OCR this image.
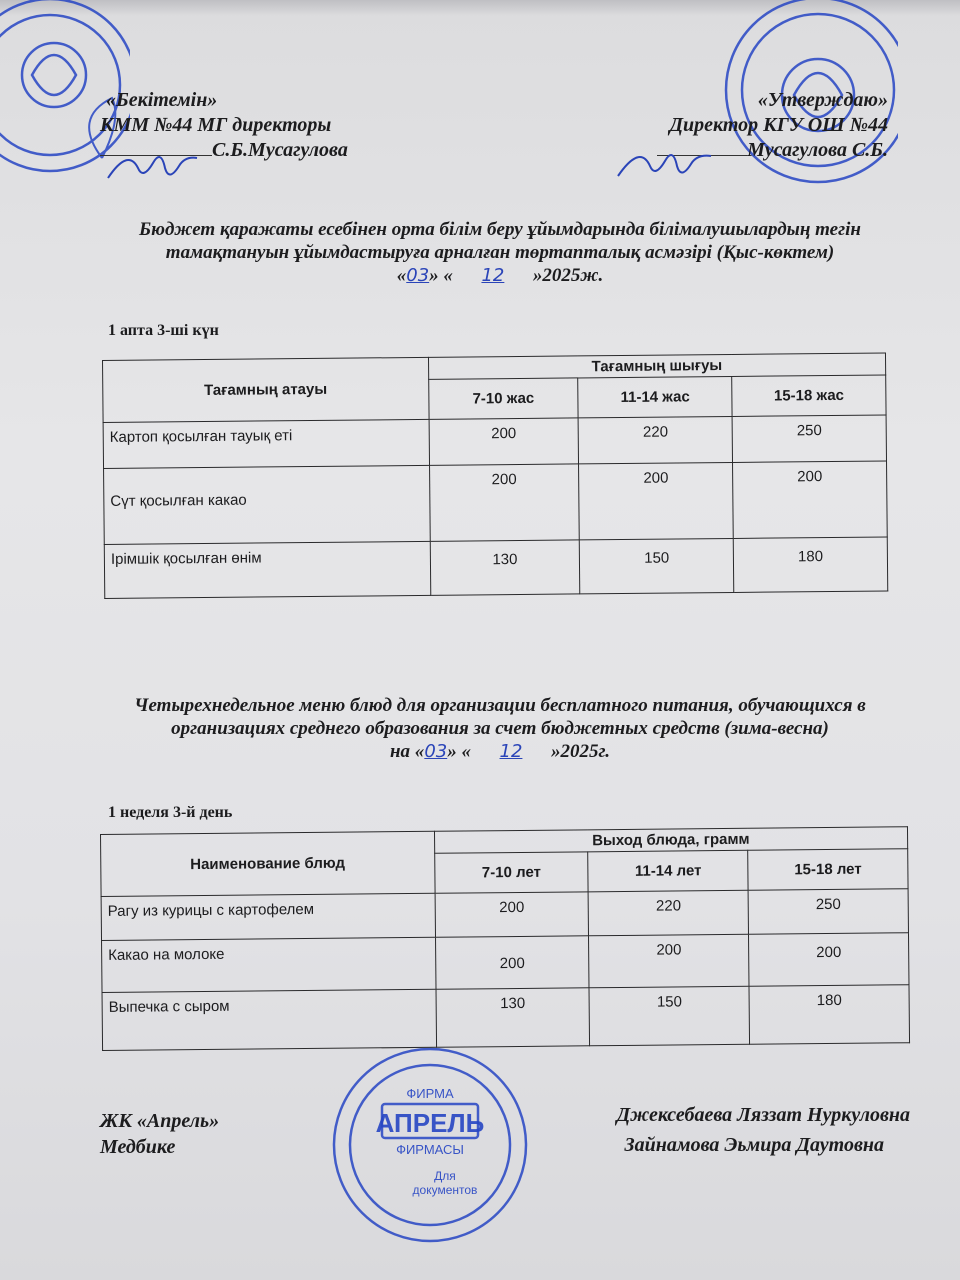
ФИРМА
АПРЕЛЬ
ФИРМАСЫ
Для
документов
«Бекітемін»
КММ №44 МГ директоры
С.Б.Мусагулова
«Утверждаю»
Директор КГУ ОШ №44
Мусагулова С.Б.
Бюджет қаражаты есебінен орта білім беру ұйымдарында білімалушылардың тегін
тамақтануын ұйымдастыруға арналған төртапталық асмәзірі (Қыс-көктем)
«03» « 12 »2025ж.
1 апта 3-ші күн
Тағамның атауы	Тағамның шығуы		
	7-10 жас	11-14 жас	15-18 жас
Картоп қосылған тауық еті	200	220	250
Сүт қосылған какао	200	200	200
Ірімшік қосылған өнім	130	150	180
Четырехнедельное меню блюд для организации бесплатного питания, обучающихся в
организациях среднего образования за счет бюджетных средств (зима-весна)
на «03» « 12 »2025г.
1 неделя 3-й день
Наименование блюд	Выход блюда, грамм		
	7-10 лет	11-14 лет	15-18 лет
Рагу из курицы с картофелем	200	220	250
Какао на молоке	200	200	200
Выпечка с сыром	130	150	180
ЖК «Апрель»
Медбике
Джексебаева Ляззат Нуркуловна
Зайнамова Эьмира Даутовна
